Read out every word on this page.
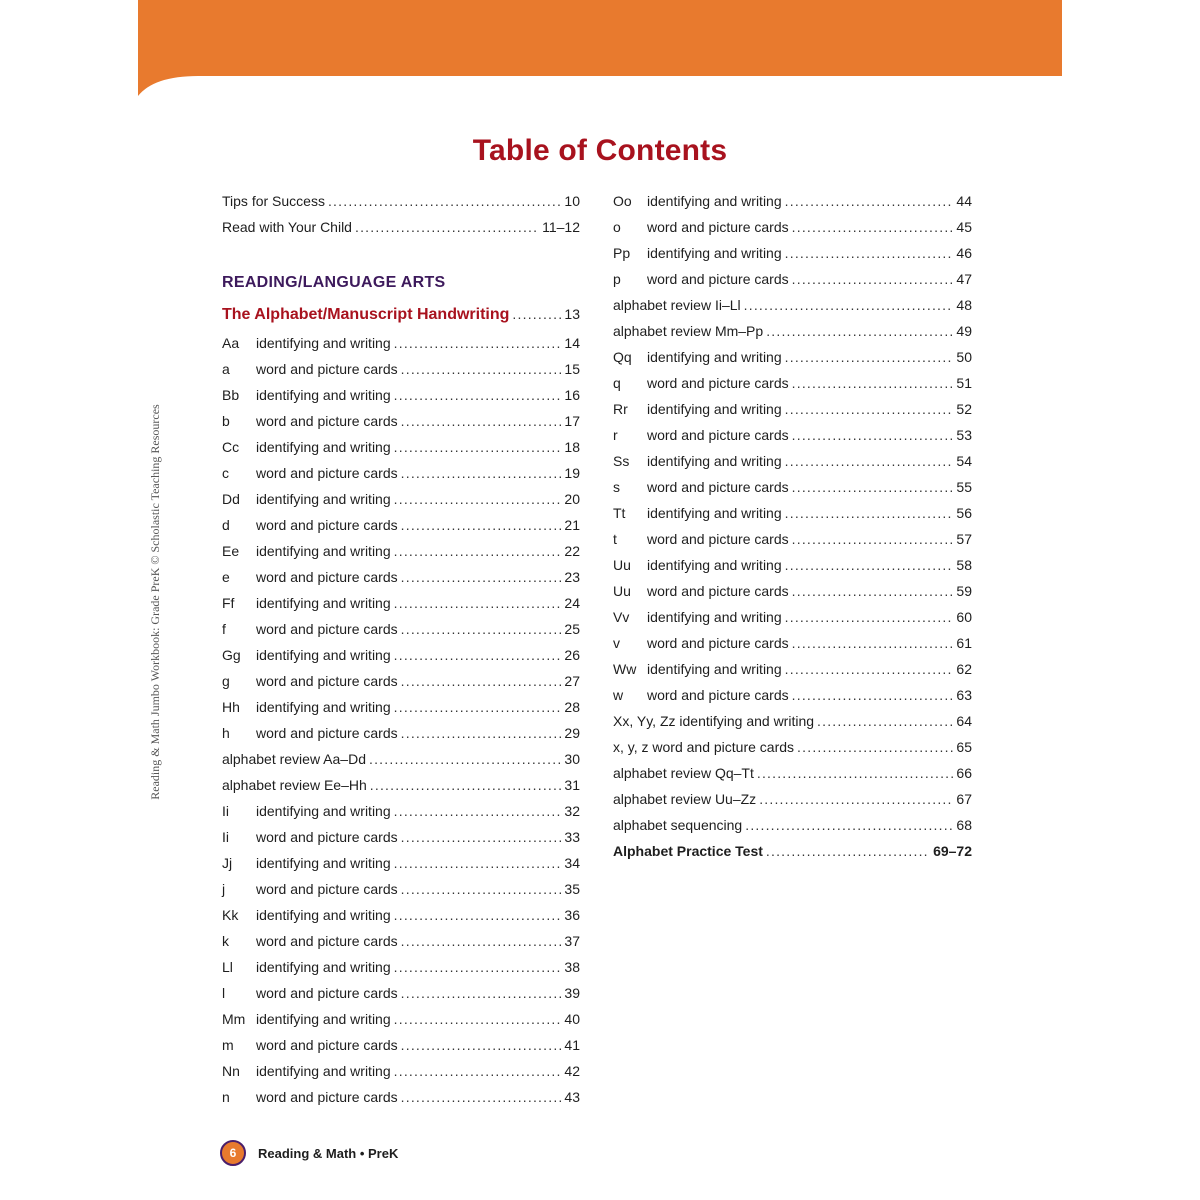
Table of Contents
Reading & Math Jumbo Workbook: Grade PreK © Scholastic Teaching Resources
Tips for Success .....	10
Read with Your Child .....	11–12
READING/LANGUAGE ARTS
The Alphabet/Manuscript Handwriting .....	13
Aa	identifying and writing .....	14
a	word and picture cards .....	15
Bb	identifying and writing .....	16
b	word and picture cards .....	17
Cc	identifying and writing .....	18
c	word and picture cards .....	19
Dd	identifying and writing .....	20
d	word and picture cards .....	21
Ee	identifying and writing .....	22
e	word and picture cards .....	23
Ff	identifying and writing .....	24
f	word and picture cards .....	25
Gg	identifying and writing .....	26
g	word and picture cards .....	27
Hh	identifying and writing .....	28
h	word and picture cards .....	29
alphabet review Aa–Dd .....	30
alphabet review Ee–Hh .....	31
Ii	identifying and writing .....	32
Ii	word and picture cards .....	33
Jj	identifying and writing .....	34
j	word and picture cards .....	35
Kk	identifying and writing .....	36
k	word and picture cards .....	37
Ll	identifying and writing .....	38
l	word and picture cards .....	39
Mm identifying and writing .....	40
m	word and picture cards .....	41
Nn	identifying and writing .....	42
n	word and picture cards .....	43
Oo	identifying and writing .....	44
o	word and picture cards .....	45
Pp	identifying and writing .....	46
p	word and picture cards .....	47
alphabet review Ii–Ll .....	48
alphabet review Mm–Pp .....	49
Qq	identifying and writing .....	50
q	word and picture cards .....	51
Rr	identifying and writing .....	52
r	word and picture cards .....	53
Ss	identifying and writing .....	54
s	word and picture cards .....	55
Tt	identifying and writing .....	56
t	word and picture cards .....	57
Uu	identifying and writing .....	58
Uu	word and picture cards .....	59
Vv	identifying and writing .....	60
v	word and picture cards .....	61
Ww identifying and writing .....	62
w	word and picture cards .....	63
Xx, Yy, Zz identifying and writing .....	64
x, y, z word and picture cards .....	65
alphabet review Qq–Tt .....	66
alphabet review Uu–Zz .....	67
alphabet sequencing .....	68
Alphabet Practice Test .....	69–72
6	Reading & Math • PreK
